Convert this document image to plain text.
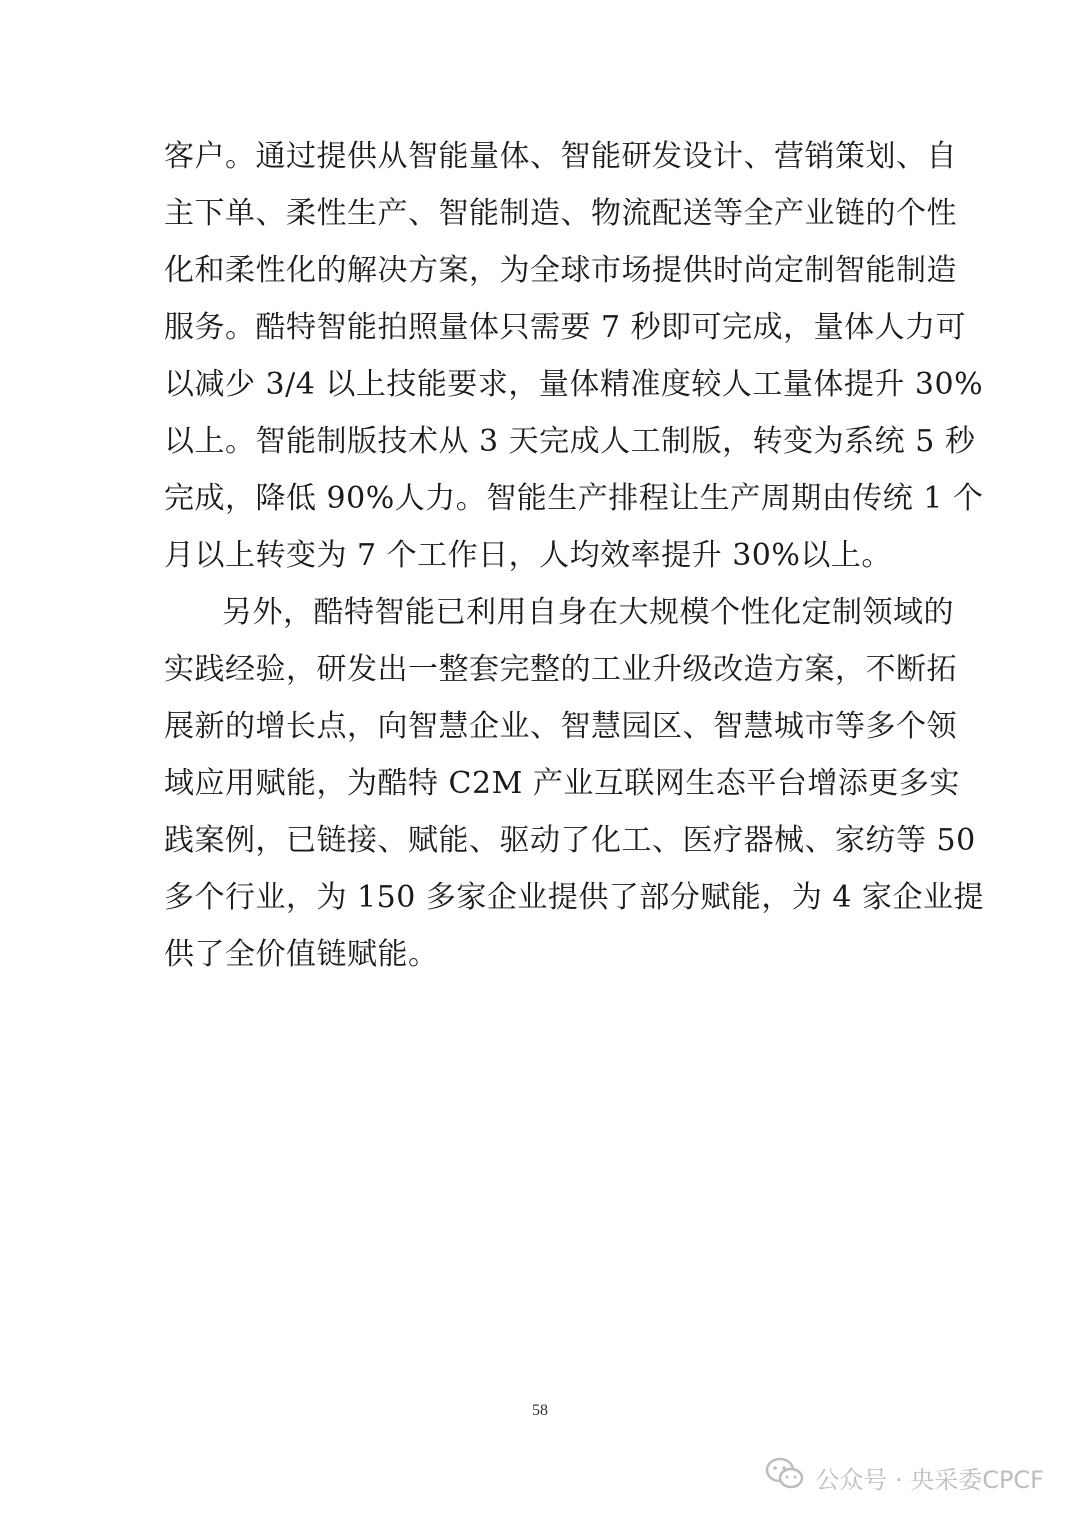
客户。通过提供从智能量体、智能研发设计、营销策划、自
主下单、柔性生产、智能制造、物流配送等全产业链的个性
化和柔性化的解决方案，为全球市场提供时尚定制智能制造
服务。酷特智能拍照量体只需要 7 秒即可完成，量体人力可
以减少 3/4 以上技能要求，量体精准度较人工量体提升 30%
以上。智能制版技术从 3 天完成人工制版，转变为系统 5 秒
完成，降低 90%人力。智能生产排程让生产周期由传统 1 个
月以上转变为 7 个工作日，人均效率提升 30%以上。
另外，酷特智能已利用自身在大规模个性化定制领域的
实践经验，研发出一整套完整的工业升级改造方案，不断拓
展新的增长点，向智慧企业、智慧园区、智慧城市等多个领
域应用赋能，为酷特 C2M 产业互联网生态平台增添更多实
践案例，已链接、赋能、驱动了化工、医疗器械、家纺等 50
多个行业，为 150 多家企业提供了部分赋能，为 4 家企业提
供了全价值链赋能。
58
公众号 · 央采委CPCF
